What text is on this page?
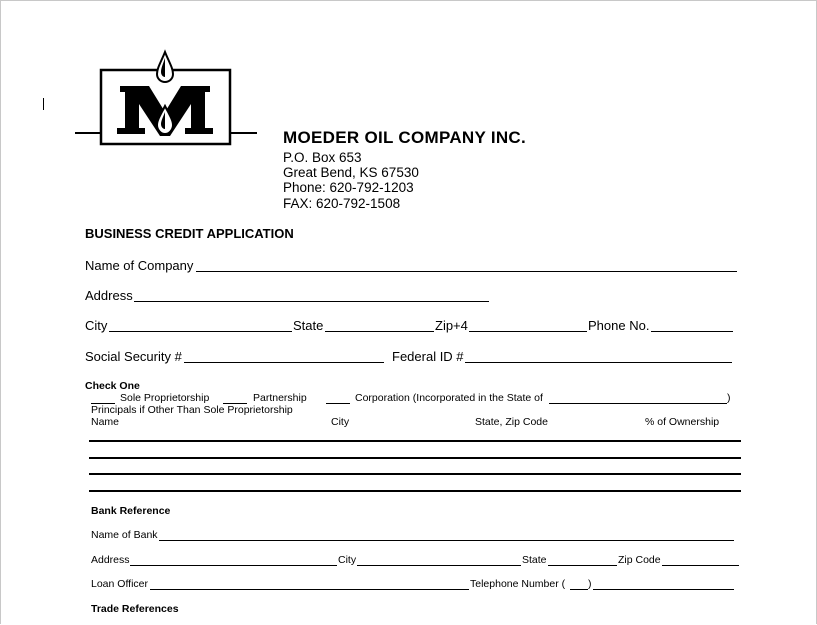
MOEDER OIL COMPANY INC.
P.O. Box 653
Great Bend, KS 67530
Phone: 620-792-1203
FAX: 620-792-1508
BUSINESS CREDIT APPLICATION
Name of Company
Address
City	State	Zip+4	Phone No.
Social Security #	Federal ID #
Check One
Sole Proprietorship	Partnership	Corporation (Incorporated in the State of	)
Principals if Other Than Sole Proprietorship
Name	City	State, Zip Code	% of Ownership
Bank Reference
Name of Bank
Address	City	State	Zip Code
Loan Officer	Telephone Number ( )
Trade References
